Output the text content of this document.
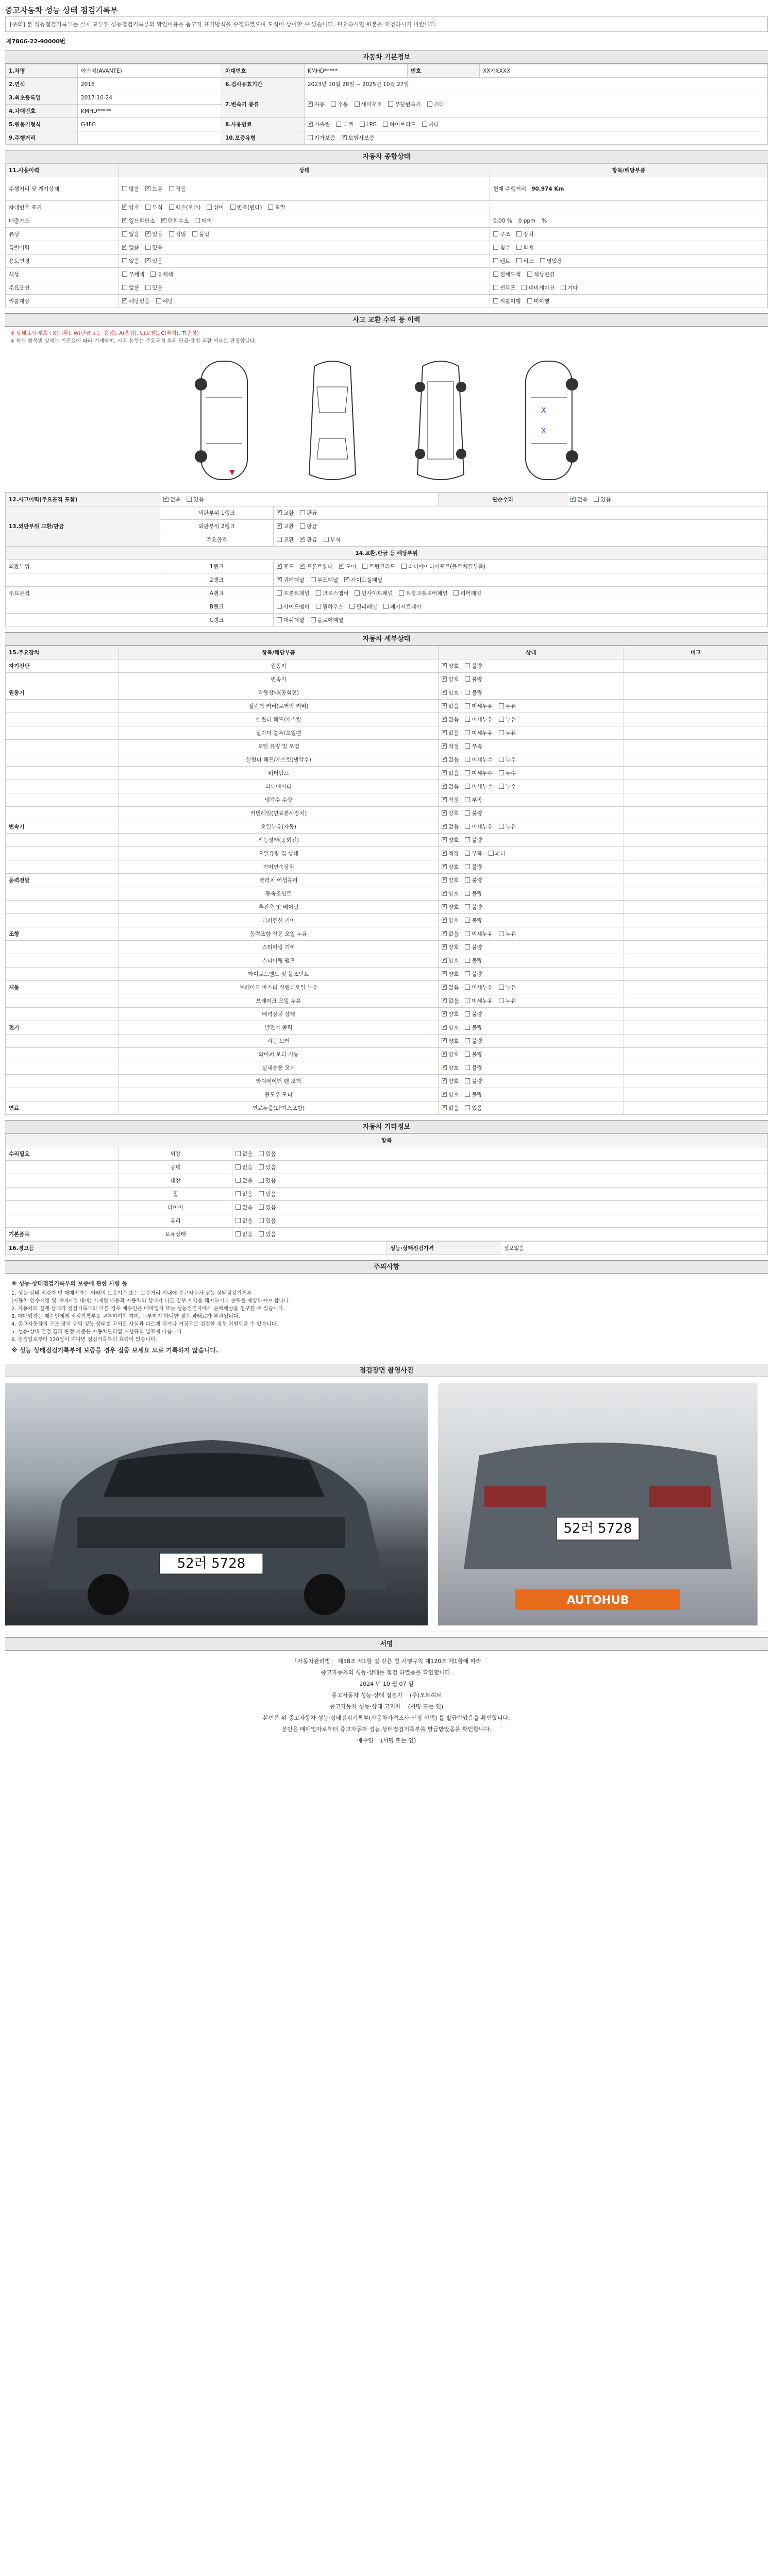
중고자동차 성능 상태 점검기록부
[주의] 본 성능점검기록부는 실제 교부된 성능점검기록부의 확인이용을 돕고자 표기방식을 수정하였으며 도식이 상이할 수 있습니다. 필요하시면 원본을 요청하시기 바랍니다.
제7866-22-90000번
자동차 기본정보
1.차명	아반떼(AVANTE)	차대번호	KMHD*****	번호	XX가XXXX
2.연식	2016	6.검사유효기간	2023년 10월 28일 ~ 2025년 10월 27일		
3.최초등록일	2017-10-24	7.변속기 종류	✔자동 수동 세미오토 무단변속기 기타
4.차대번호	KMHD*****				
5.원동기형식	G4FG	8.사용연료	✔가솔린 디젤 LPG 하이브리드 기타
9.주행거리		10.보증유형	자가보증 ✔ 보험사보증
자동차 종합상태
11.사용이력	상태	항목/해당부품
주행거리 및 계기상태	많음 ✔ 보통 적음	현재 주행거리 90,974 Km
차대번호 표기	✔양호 부식 훼손(오손) 상이 변조(변타) 도말	
배출가스	✔일산화탄소 ✔ 탄화수소 매연	0.00 % 0 ppm %
튜닝	없음 ✔ 있음 적법 불법	구조 장치
특별이력	✔없음 있음	침수 화재
용도변경	없음 ✔ 있음	렌트 리스 영업용
색상	무채색 유채색	전체도색 색상변경
주요옵션	없음 있음	썬루프 네비게이션 기타
리콜대상	✔해당없음 해당	리콜이행 미이행
사고 교환 수리 등 이력
※ 상태표시 부호 : X(교환), W(판금 또는 용접), A(흠집), U(요철), C(부식), T(손상)
※ 하단 항목별 상세는 기준표에 따라 기재하며, 사고 유무는 주요골격 부위 판금·용접·교환 여부로 판정합니다.
▼
X
X
12.사고이력(주요골격 포함)	✔없음 있음		단순수리	✔없음 있음
13.외판부위 교환/판금	외판부위 1랭크	✔교환 판금
	외판부위 2랭크	✔교환 판금
	주요골격	교환 ✔ 판금 부식
14.교환,판금 등 해당부위				
외판부위	1랭크	✔후드 ✔ 프론트휀더 ✔ 도어 트렁크리드 라디에이터서포트(볼트체결부품)
	2랭크	✔쿼터패널 루프패널 ✔ 사이드실패널
주요골격	A랭크	프론트패널 크로스멤버 인사이드패널 트렁크플로어패널 리어패널		
	B랭크	사이드멤버 휠하우스 필러패널 패키지트레이		
	C랭크	대쉬패널 플로어패널		
자동차 세부상태
15.주요장치	항목/해당부품	상태	비고
자기진단	원동기	✔양호 불량	
	변속기	✔양호 불량	
원동기	작동상태(공회전)	✔양호 불량	
	실린더 커버(로커암 커버)	✔없음 미세누유 누유	
	실린더 헤드/개스킷	✔없음 미세누유 누유	
	실린더 블록/오일팬	✔없음 미세누유 누유	
	오일 유량 및 오염	✔적정 부족	
	실린더 헤드/개스킷(냉각수)	✔없음 미세누수 누수	
	워터펌프	✔없음 미세누수 누수	
	라디에이터	✔없음 미세누수 누수	
	냉각수 수량	✔적정 부족	
	커먼레일(연료분사장치)	✔양호 불량	
변속기	오일누유(자동)	✔없음 미세누유 누유	
	작동상태(공회전)	✔양호 불량	
	오일유량 및 상태	✔적정 부족 과다	
	기어변속장치	✔양호 불량	
동력전달	클러치 어셈블리	✔양호 불량	
	등속조인트	✔양호 불량	
	추진축 및 베어링	✔양호 불량	
	디퍼렌셜 기어	✔양호 불량	
조향	동력조향 작동 오일 누유	✔없음 미세누유 누유	
	스티어링 기어	✔양호 불량	
	스티어링 펌프	✔양호 불량	
	타이로드엔드 및 볼조인트	✔양호 불량	
제동	브레이크 마스터 실린더오일 누유	✔없음 미세누유 누유	
	브레이크 오일 누유	✔없음 미세누유 누유	
	배력장치 상태	✔양호 불량	
전기	발전기 출력	✔양호 불량	
	시동 모터	✔양호 불량	
	와이퍼 모터 기능	✔양호 불량	
	실내송풍 모터	✔양호 불량	
	라디에이터 팬 모터	✔양호 불량	
	윈도우 모터	✔양호 불량	
연료	연료누출(LP가스포함)	✔없음 있음	
자동차 기타정보
항목		
수리필요	외장	없음 있음
	광택	없음 있음
	내장	없음 있음
	휠	없음 있음
	타이어	없음 있음
	유리	없음 있음
기본품목	보유상태	없음 있음
16.경고등		성능·상태점검가격	정보없음
주의사항
※ 성능·상태점검기록부의 보증에 관한 사항 등
1. 성능·상태 점검자 및 매매업자는 아래의 보증기간 또는 보증거리 이내에 중고자동차 성능 상태점검기록부
(자동차 인수시점 및 매매시점 대비) 기재된 내용과 자동차의 상태가 다른 경우 계약을 해지하거나 손해를 배상하여야 합니다.
2. 자동차의 실제 상태가 점검기록부와 다른 경우 매수인은 매매업자 또는 성능점검자에게 손해배상을 청구할 수 있습니다.
3. 매매업자는 매수인에게 점검기록부를 교부하여야 하며, 교부하지 아니한 경우 과태료가 부과됩니다.
4. 중고자동차의 구조·장치 등의 성능·상태를 고의로 사실과 다르게 적거나 거짓으로 점검한 경우 처벌받을 수 있습니다.
5. 성능·상태 점검 결과 판정 기준은 자동차관리법 시행규칙 별표에 따릅니다.
6. 점검일로부터 120일이 지나면 점검기록부의 효력이 없습니다.
※ 성능 상태점검기록부에 보증을 경우 집중 보세요 으로 기록하지 않습니다.
점검장면 촬영사진
52러 5728
52러 5728
AUTOHUB
서명
「자동차관리법」 제58조 제1항 및 같은 법 시행규칙 제120조 제1항에 따라
중고자동차의 성능·상태를 점검 하였음을 확인합니다.
2024 년 10 월 07 일
중고자동차 성능·상태 점검자 (주)오토허브
중고자동차 성능·상태 고지자 (서명 또는 인)
본인은 위 중고자동차 성능·상태점검기록부(자동차가격조사·산정 선택) 를 발급받았음을 확인합니다.
본인은 매매업자로부터 중고자동차 성능·상태점검기록부를 발급받았음을 확인합니다.
매수인 (서명 또는 인)
